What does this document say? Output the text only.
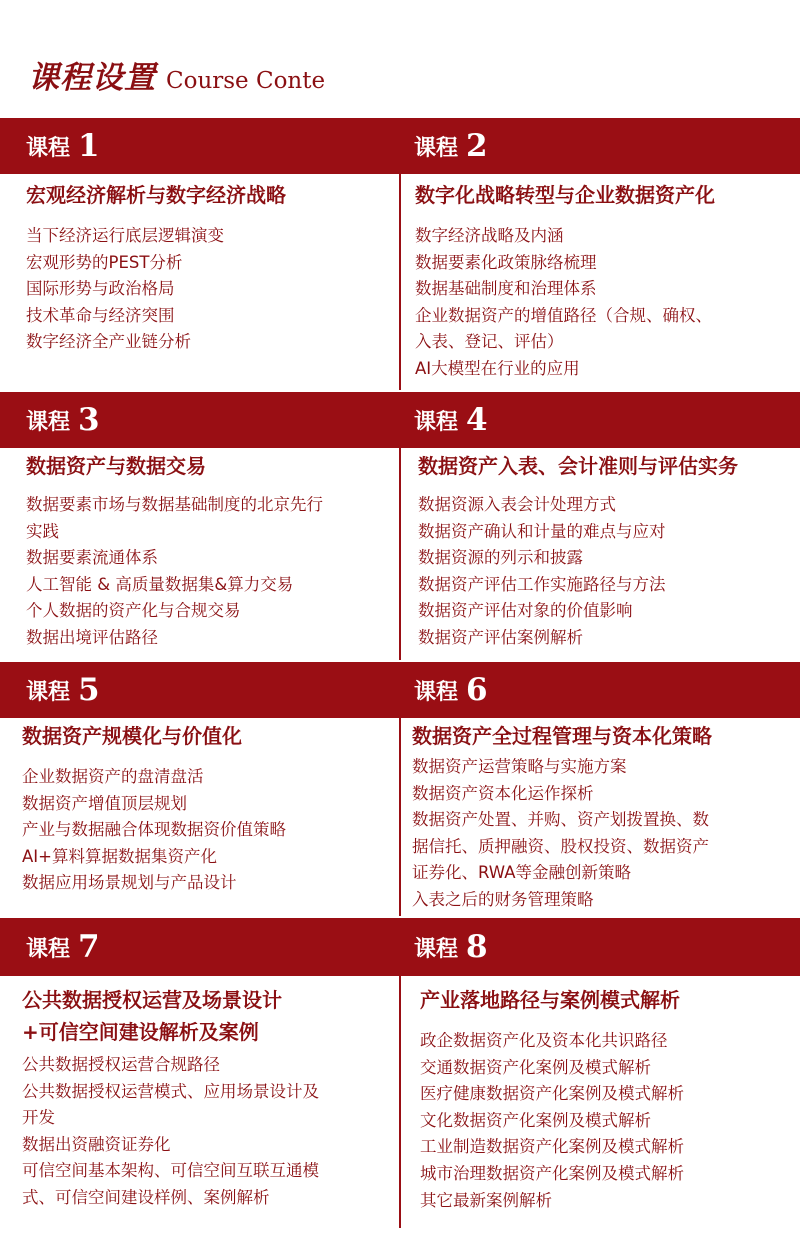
课程设置 Course Conte
课程 1	课程 2
宏观经济解析与数字经济战略
当下经济运行底层逻辑演变
宏观形势的PEST分析
国际形势与政治格局
技术革命与经济突围
数字经济全产业链分析
数字化战略转型与企业数据资产化
数字经济战略及内涵
数据要素化政策脉络梳理
数据基础制度和治理体系
企业数据资产的增值路径（合规、确权、
入表、登记、评估）
AI大模型在行业的应用
课程 3	课程 4
数据资产与数据交易
数据要素市场与数据基础制度的北京先行
实践
数据要素流通体系
人工智能 & 高质量数据集&算力交易
个人数据的资产化与合规交易
数据出境评估路径
数据资产入表、会计准则与评估实务
数据资源入表会计处理方式
数据资产确认和计量的难点与应对
数据资源的列示和披露
数据资产评估工作实施路径与方法
数据资产评估对象的价值影响
数据资产评估案例解析
课程 5	课程 6
数据资产规模化与价值化
企业数据资产的盘清盘活
数据资产增值顶层规划
产业与数据融合体现数据资价值策略
AI+算料算据数据集资产化
数据应用场景规划与产品设计
数据资产全过程管理与资本化策略
数据资产运营策略与实施方案
数据资产资本化运作探析
数据资产处置、并购、资产划拨置换、数
据信托、质押融资、股权投资、数据资产
证券化、RWA等金融创新策略
入表之后的财务管理策略
课程 7	课程 8
公共数据授权运营及场景设计
+可信空间建设解析及案例
公共数据授权运营合规路径
公共数据授权运营模式、应用场景设计及
开发
数据出资融资证券化
可信空间基本架构、可信空间互联互通模
式、可信空间建设样例、案例解析
产业落地路径与案例模式解析
政企数据资产化及资本化共识路径
交通数据资产化案例及模式解析
医疗健康数据资产化案例及模式解析
文化数据资产化案例及模式解析
工业制造数据资产化案例及模式解析
城市治理数据资产化案例及模式解析
其它最新案例解析
